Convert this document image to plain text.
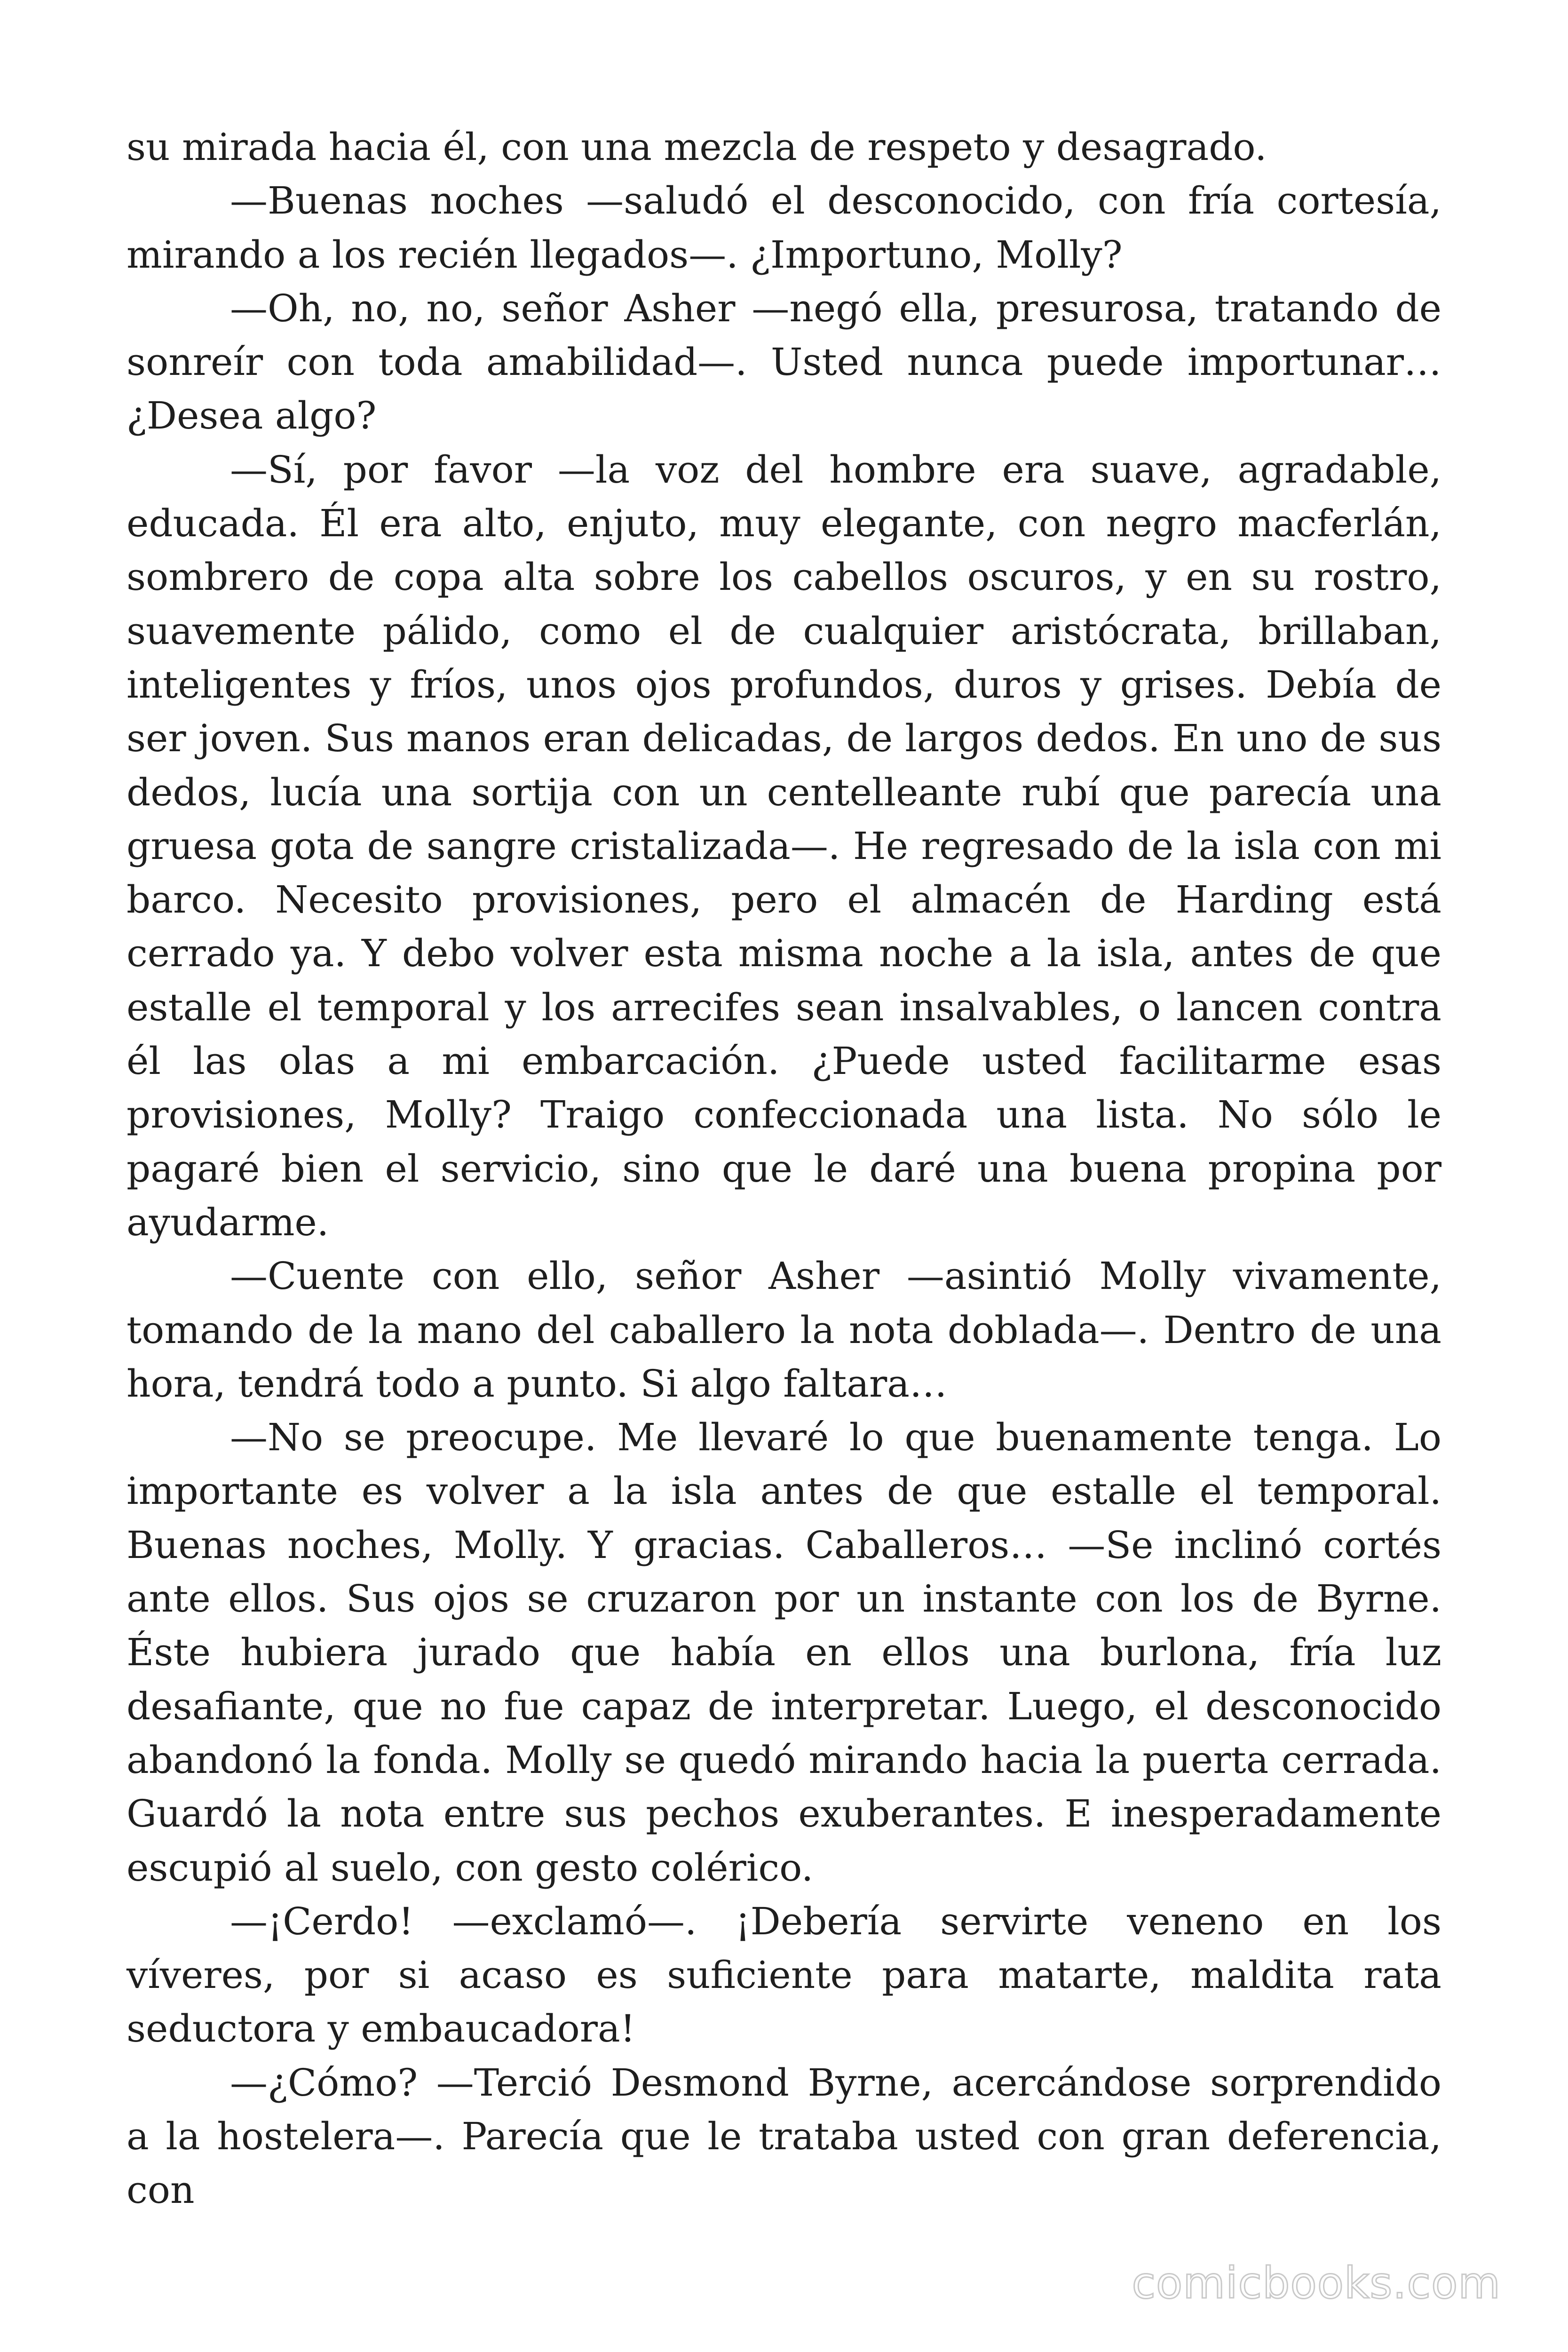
su mirada hacia él, con una mezcla de respeto y desagrado.

—Buenas noches —saludó el desconocido, con fría cortesía, mirando a los recién llegados—. ¿Importuno, Molly?

—Oh, no, no, señor Asher —negó ella, presurosa, tratando de sonreír con toda amabilidad—. Usted nunca puede importunar… ¿Desea algo?

—Sí, por favor —la voz del hombre era suave, agradable, educada. Él era alto, enjuto, muy elegante, con negro macferlán, sombrero de copa alta sobre los cabellos oscuros, y en su rostro, suavemente pálido, como el de cualquier aristócrata, brillaban, inteligentes y fríos, unos ojos profundos, duros y grises. Debía de ser joven. Sus manos eran delicadas, de largos dedos. En uno de sus dedos, lucía una sortija con un centelleante rubí que parecía una gruesa gota de sangre cristalizada—. He regresado de la isla con mi barco. Necesito provisiones, pero el almacén de Harding está cerrado ya. Y debo volver esta misma noche a la isla, antes de que estalle el temporal y los arrecifes sean insalvables, o lancen contra él las olas a mi embarcación. ¿Puede usted facilitarme esas provisiones, Molly? Traigo confeccionada una lista. No sólo le pagaré bien el servicio, sino que le daré una buena propina por ayudarme.

—Cuente con ello, señor Asher —asintió Molly vivamente, tomando de la mano del caballero la nota doblada—. Dentro de una hora, tendrá todo a punto. Si algo faltara…

—No se preocupe. Me llevaré lo que buenamente tenga. Lo importante es volver a la isla antes de que estalle el temporal. Buenas noches, Molly. Y gracias. Caballeros… —Se inclinó cortés ante ellos. Sus ojos se cruzaron por un instante con los de Byrne. Éste hubiera jurado que había en ellos una burlona, fría luz desafiante, que no fue capaz de interpretar. Luego, el desconocido abandonó la fonda. Molly se quedó mirando hacia la puerta cerrada. Guardó la nota entre sus pechos exuberantes. E inesperadamente escupió al suelo, con gesto colérico.

—¡Cerdo! —exclamó—. ¡Debería servirte veneno en los víveres, por si acaso es suficiente para matarte, maldita rata seductora y embaucadora!

—¿Cómo? —Terció Desmond Byrne, acercándose sorprendido a la hostelera—. Parecía que le trataba usted con gran deferencia, con

comicbooks.com
